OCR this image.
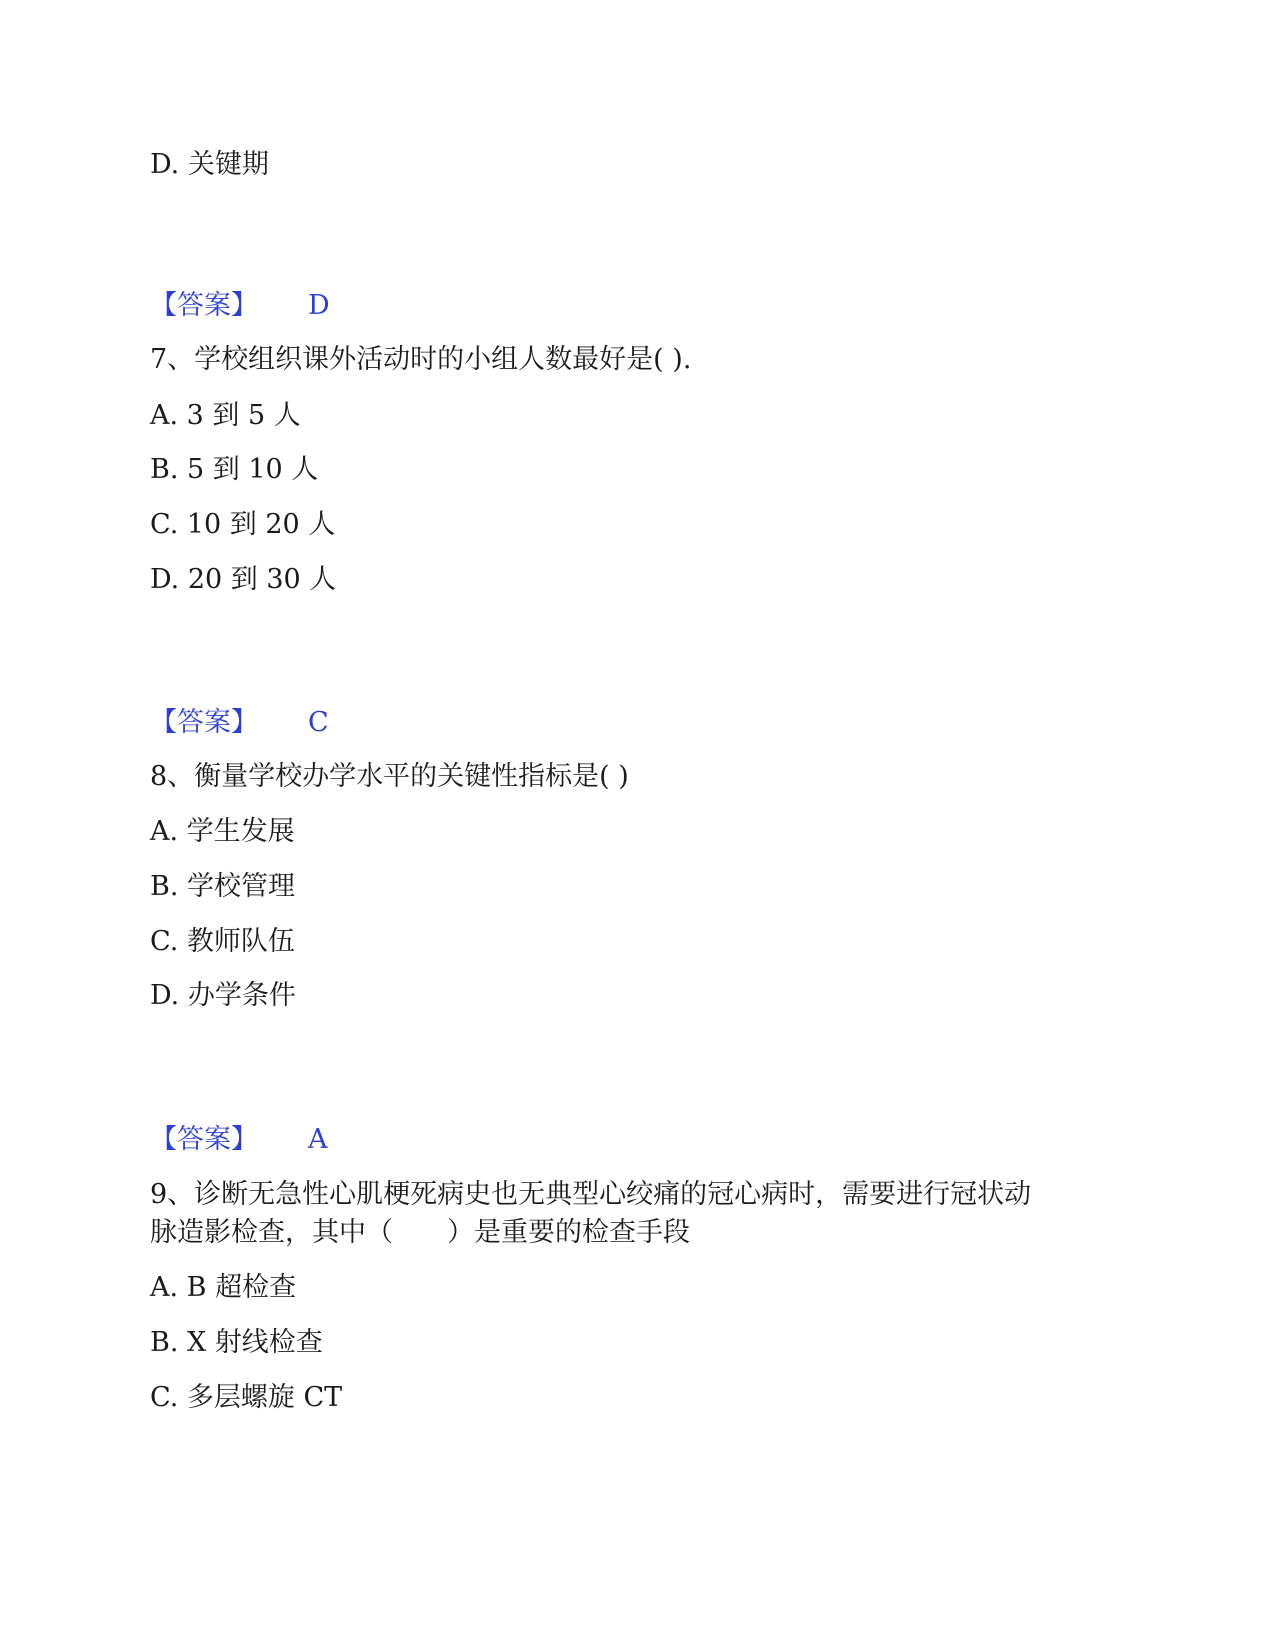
D. 关键期
【答案】 D
7、学校组织课外活动时的小组人数最好是( ).
A. 3 到 5 人
B. 5 到 10 人
C. 10 到 20 人
D. 20 到 30 人
【答案】 C
8、衡量学校办学水平的关键性指标是( )
A. 学生发展
B. 学校管理
C. 教师队伍
D. 办学条件
【答案】 A
9、诊断无急性心肌梗死病史也无典型心绞痛的冠心病时，需要进行冠状动
脉造影检查，其中（　　）是重要的检查手段
A. B 超检查
B. X 射线检查
C. 多层螺旋 CT
